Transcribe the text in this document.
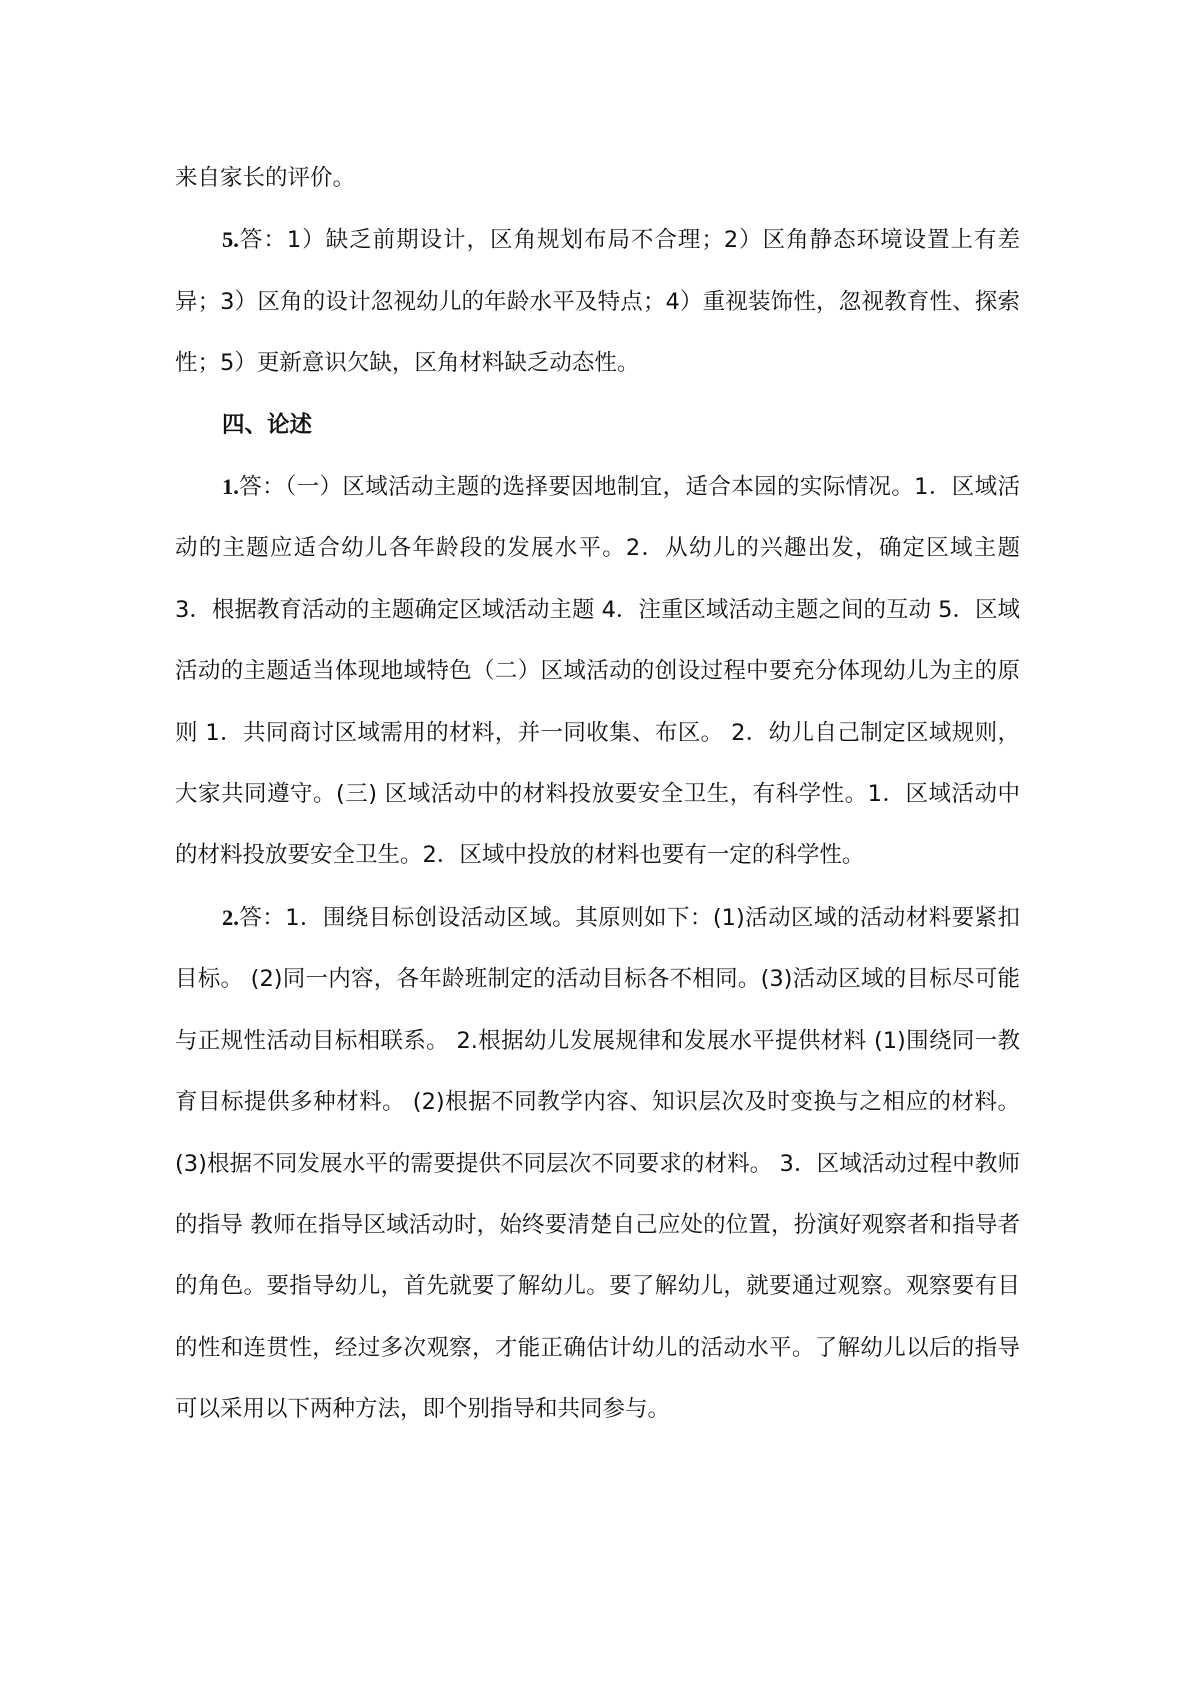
来自家长的评价。

5.答：1）缺乏前期设计，区角规划布局不合理；2）区角静态环境设置上有差异；3）区角的设计忽视幼儿的年龄水平及特点；4）重视装饰性，忽视教育性、探索性；5）更新意识欠缺，区角材料缺乏动态性。

四、论述

1.答：（一）区域活动主题的选择要因地制宜，适合本园的实际情况。1．区域活动的主题应适合幼儿各年龄段的发展水平。2．从幼儿的兴趣出发，确定区域主题 3．根据教育活动的主题确定区域活动主题 4．注重区域活动主题之间的互动 5．区域活动的主题适当体现地域特色（二）区域活动的创设过程中要充分体现幼儿为主的原则 1．共同商讨区域需用的材料，并一同收集、布区。 2．幼儿自己制定区域规则，大家共同遵守。(三) 区域活动中的材料投放要安全卫生，有科学性。1．区域活动中的材料投放要安全卫生。2．区域中投放的材料也要有一定的科学性。

2.答：1．围绕目标创设活动区域。其原则如下：(1)活动区域的活动材料要紧扣目标。 (2)同一内容，各年龄班制定的活动目标各不相同。(3)活动区域的目标尽可能与正规性活动目标相联系。 2.根据幼儿发展规律和发展水平提供材料 (1)围绕同一教育目标提供多种材料。 (2)根据不同教学内容、知识层次及时变换与之相应的材料。(3)根据不同发展水平的需要提供不同层次不同要求的材料。 3．区域活动过程中教师的指导 教师在指导区域活动时，始终要清楚自己应处的位置，扮演好观察者和指导者的角色。要指导幼儿，首先就要了解幼儿。要了解幼儿，就要通过观察。观察要有目的性和连贯性，经过多次观察，才能正确估计幼儿的活动水平。了解幼儿以后的指导可以采用以下两种方法，即个别指导和共同参与。
